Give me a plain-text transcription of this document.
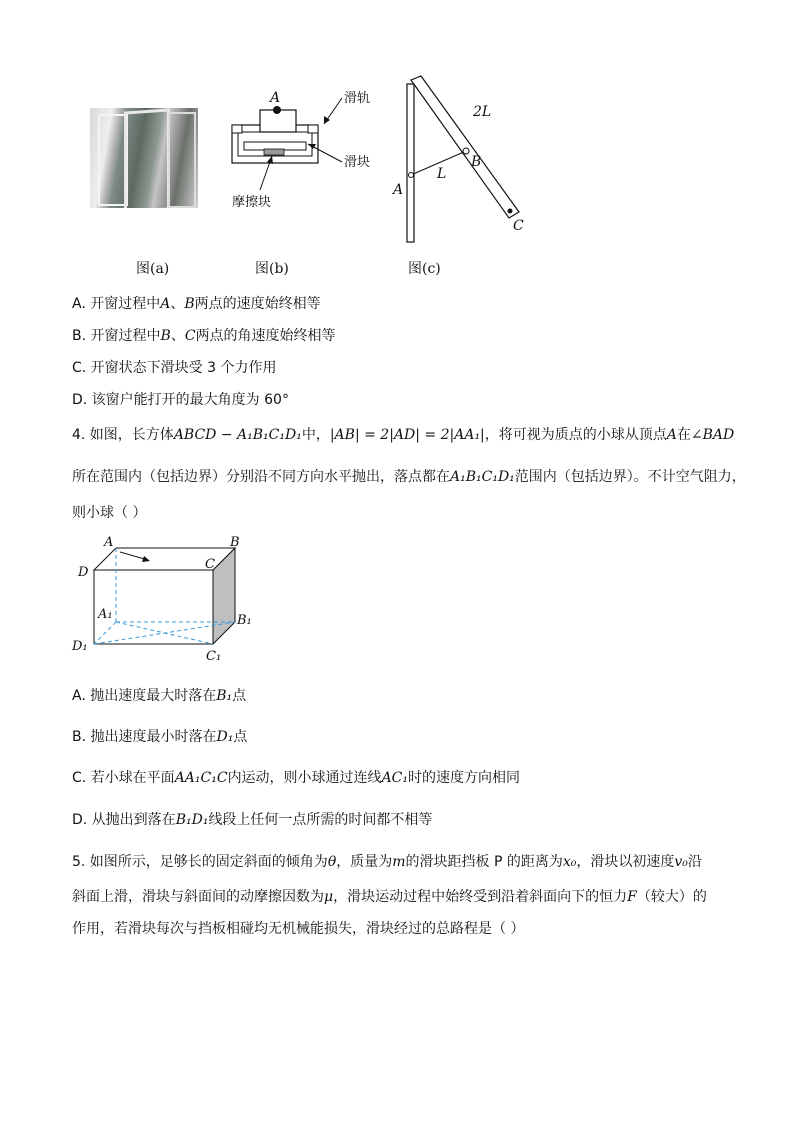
图(a)
A	滑轨
滑块
摩擦块
图(b)
2L
L
A
B
C
图(c)
A. 开窗过程中A、B两点的速度始终相等
B. 开窗过程中B、C两点的角速度始终相等
C. 开窗状态下滑块受 3 个力作用
D. 该窗户能打开的最大角度为 60°
4. 如图，长方体ABCD − A₁B₁C₁D₁中，|AB| = 2|AD| = 2|AA₁|，将可视为质点的小球从顶点A在∠BAD
所在范围内（包括边界）分别沿不同方向水平抛出，落点都在A₁B₁C₁D₁范围内（包括边界）。不计空气阻力，
则小球（ ）
A	B
C
D
A₁	B₁
C₁
D₁
A. 抛出速度最大时落在B₁点
B. 抛出速度最小时落在D₁点
C. 若小球在平面AA₁C₁C内运动，则小球通过连线AC₁时的速度方向相同
D. 从抛出到落在B₁D₁线段上任何一点所需的时间都不相等
5. 如图所示，足够长的固定斜面的倾角为θ，质量为m的滑块距挡板 P 的距离为x₀，滑块以初速度v₀沿
斜面上滑，滑块与斜面间的动摩擦因数为μ，滑块运动过程中始终受到沿着斜面向下的恒力F（较大）的
作用，若滑块每次与挡板相碰均无机械能损失，滑块经过的总路程是（ ）
